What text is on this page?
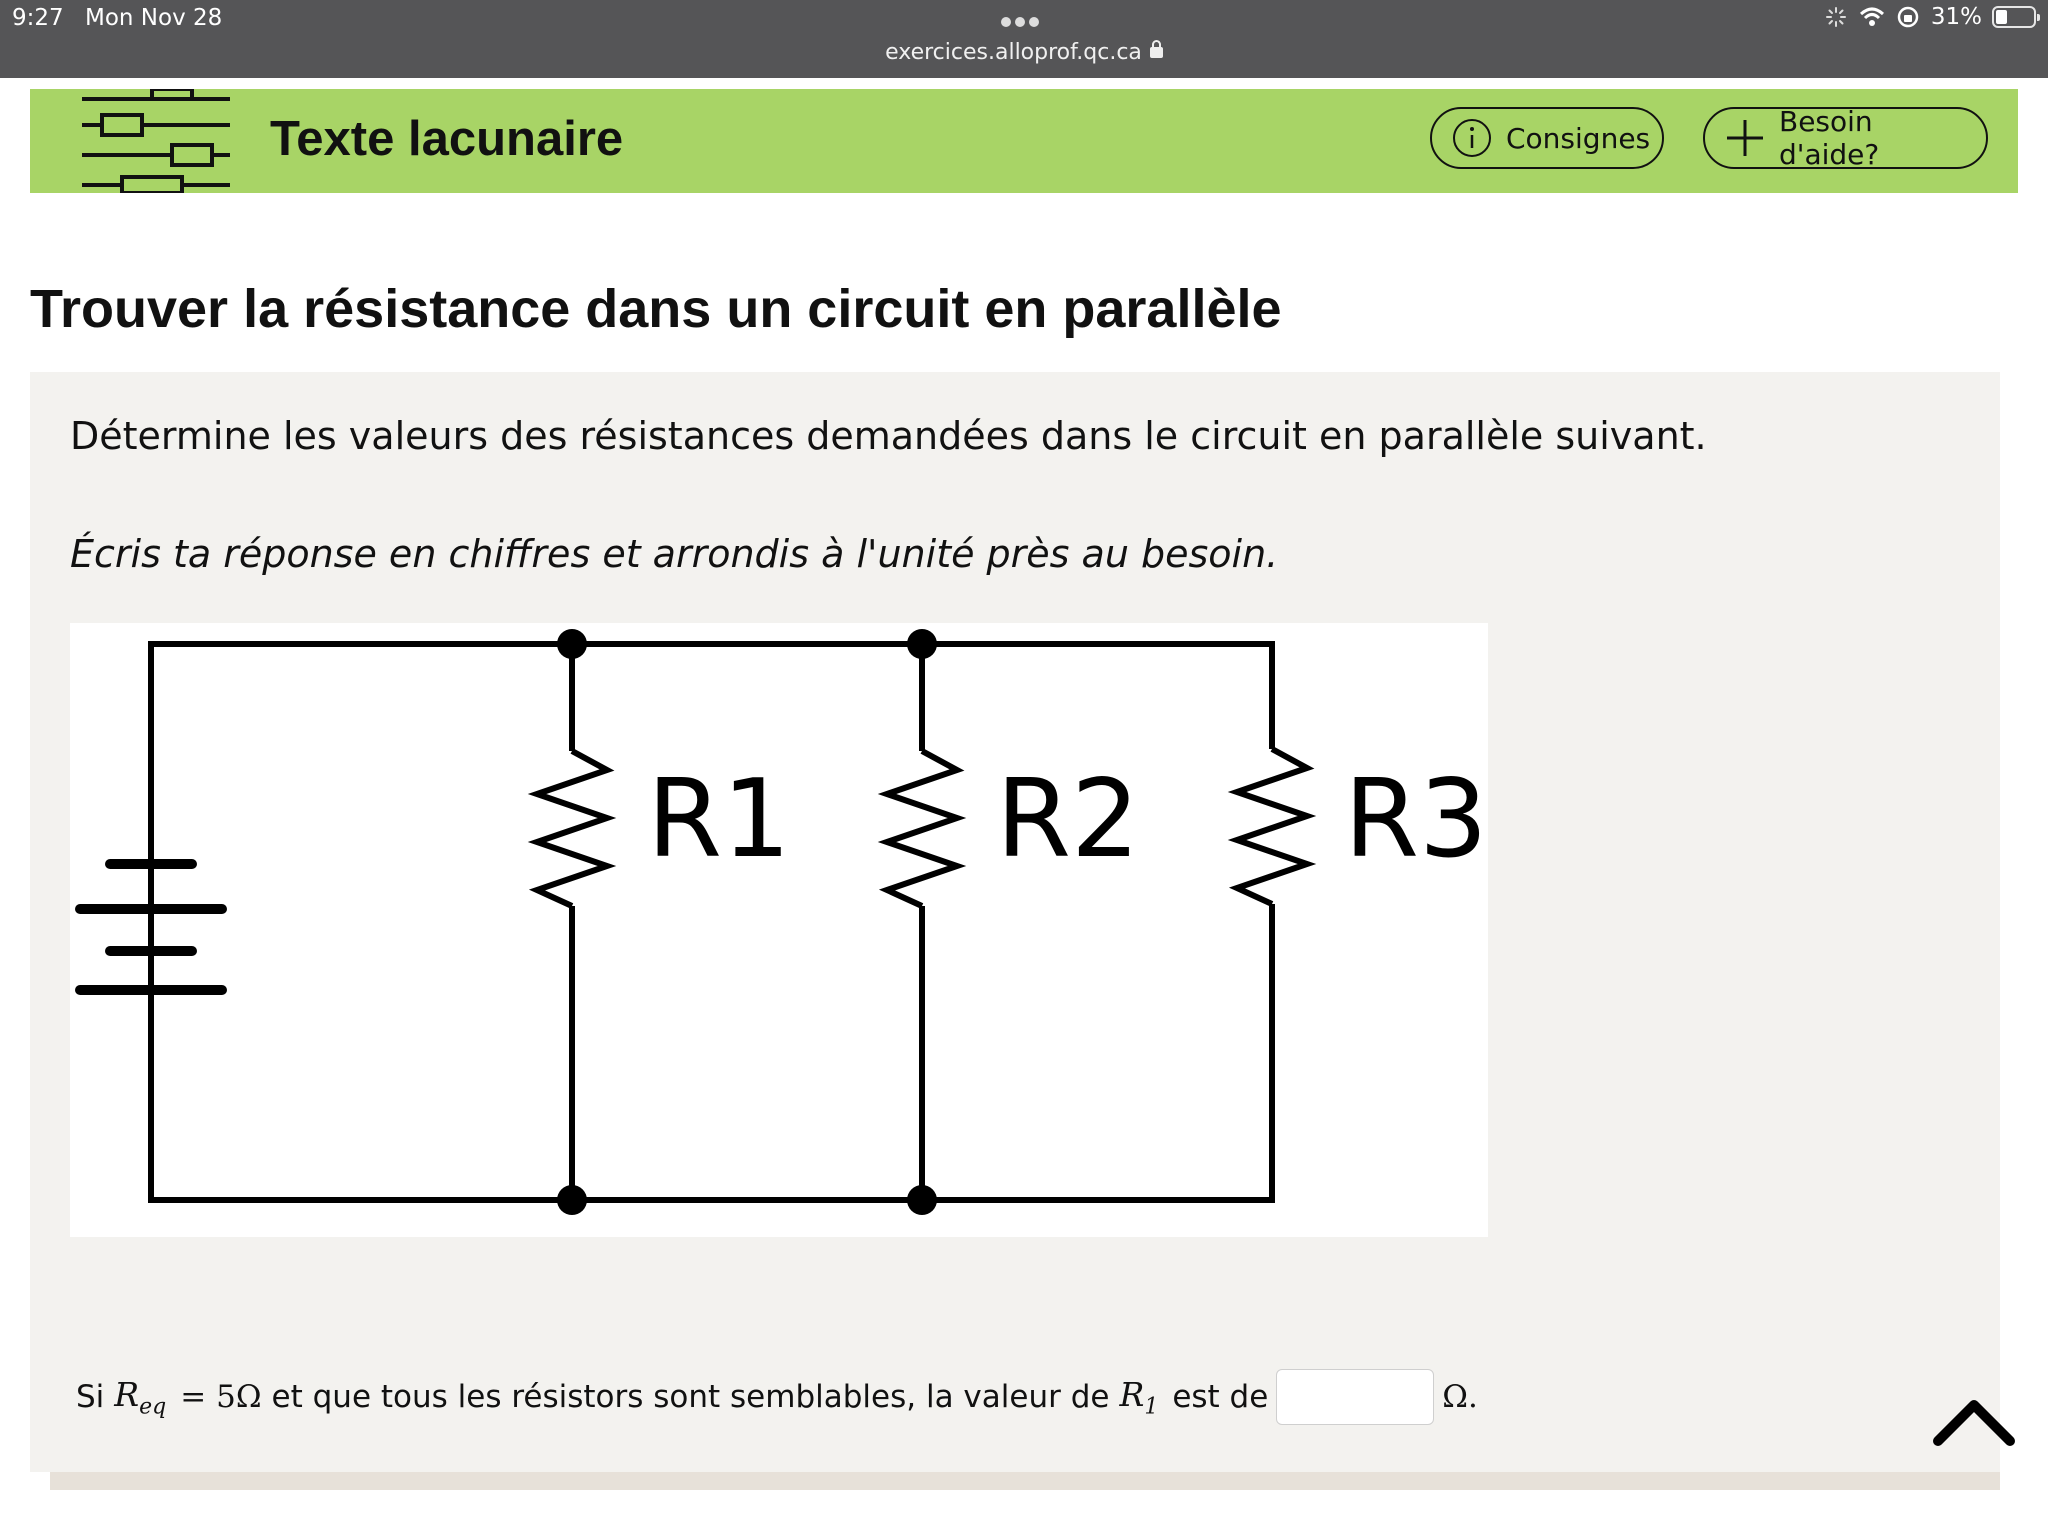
9:27 Mon Nov 28
exercices.alloprof.qc.ca
31%
Texte lacunaire	Consignes	Besoin d'aide?
Trouver la résistance dans un circuit en parallèle
Détermine les valeurs des résistances demandées dans le circuit en parallèle suivant.
Écris ta réponse en chiffres et arrondis à l'unité près au besoin.
R1 R2 R3
Si $R_{eq} = 5\Omega$ et que tous les résistors sont semblables, la valeur de $R_1$ est de	Ω.
